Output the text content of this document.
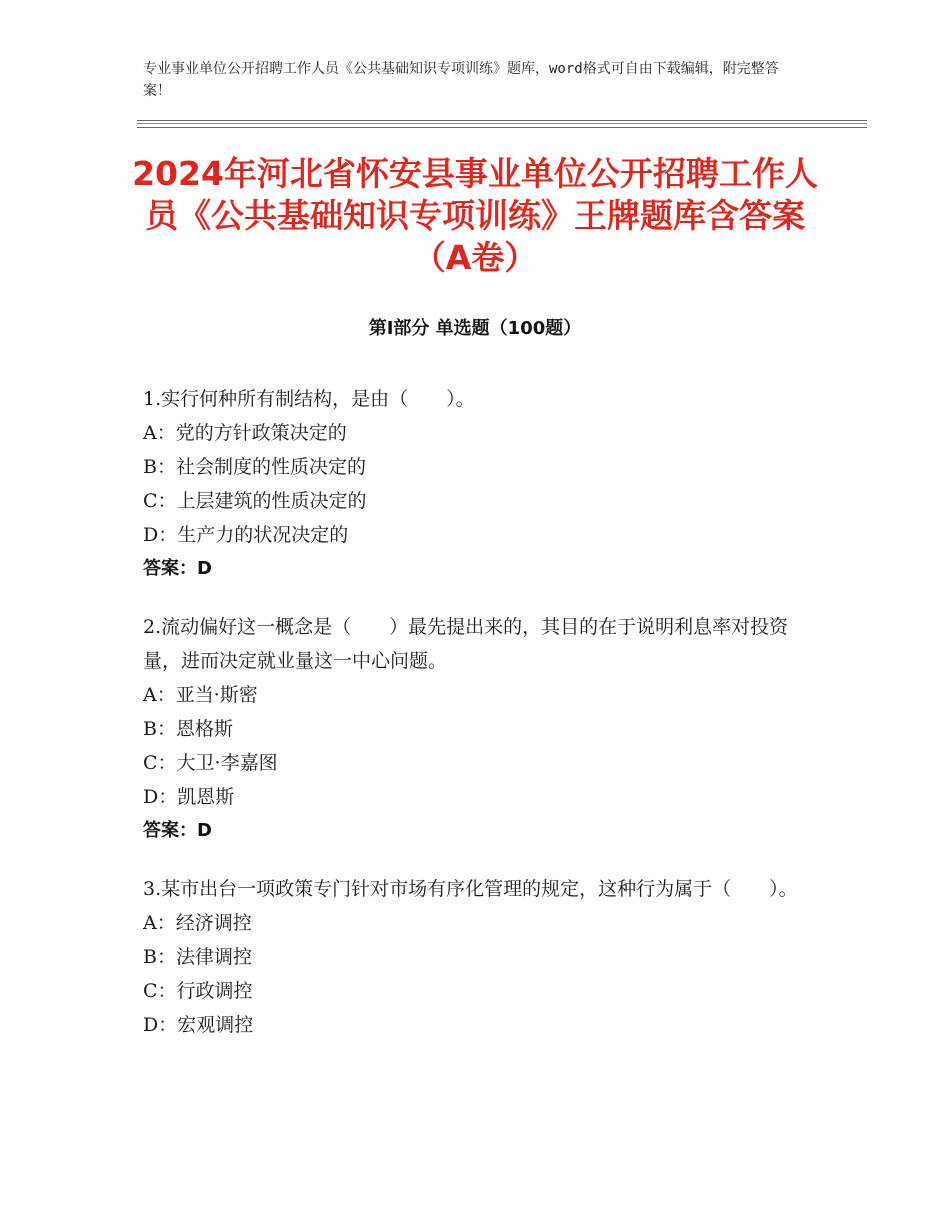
专业事业单位公开招聘工作人员《公共基础知识专项训练》题库，word格式可自由下载编辑，附完整答案！
2024年河北省怀安县事业单位公开招聘工作人员《公共基础知识专项训练》王牌题库含答案（A卷）
第Ⅰ部分 单选题（100题）

1.实行何种所有制结构，是由（　　）。

A：党的方针政策决定的

B：社会制度的性质决定的

C：上层建筑的性质决定的

D：生产力的状况决定的

答案：D

2.流动偏好这一概念是（　　）最先提出来的，其目的在于说明利息率对投资量，进而决定就业量这一中心问题。

A：亚当·斯密

B：恩格斯

C：大卫·李嘉图

D：凯恩斯

答案：D

3.某市出台一项政策专门针对市场有序化管理的规定，这种行为属于（　　）。

A：经济调控

B：法律调控

C：行政调控

D：宏观调控
